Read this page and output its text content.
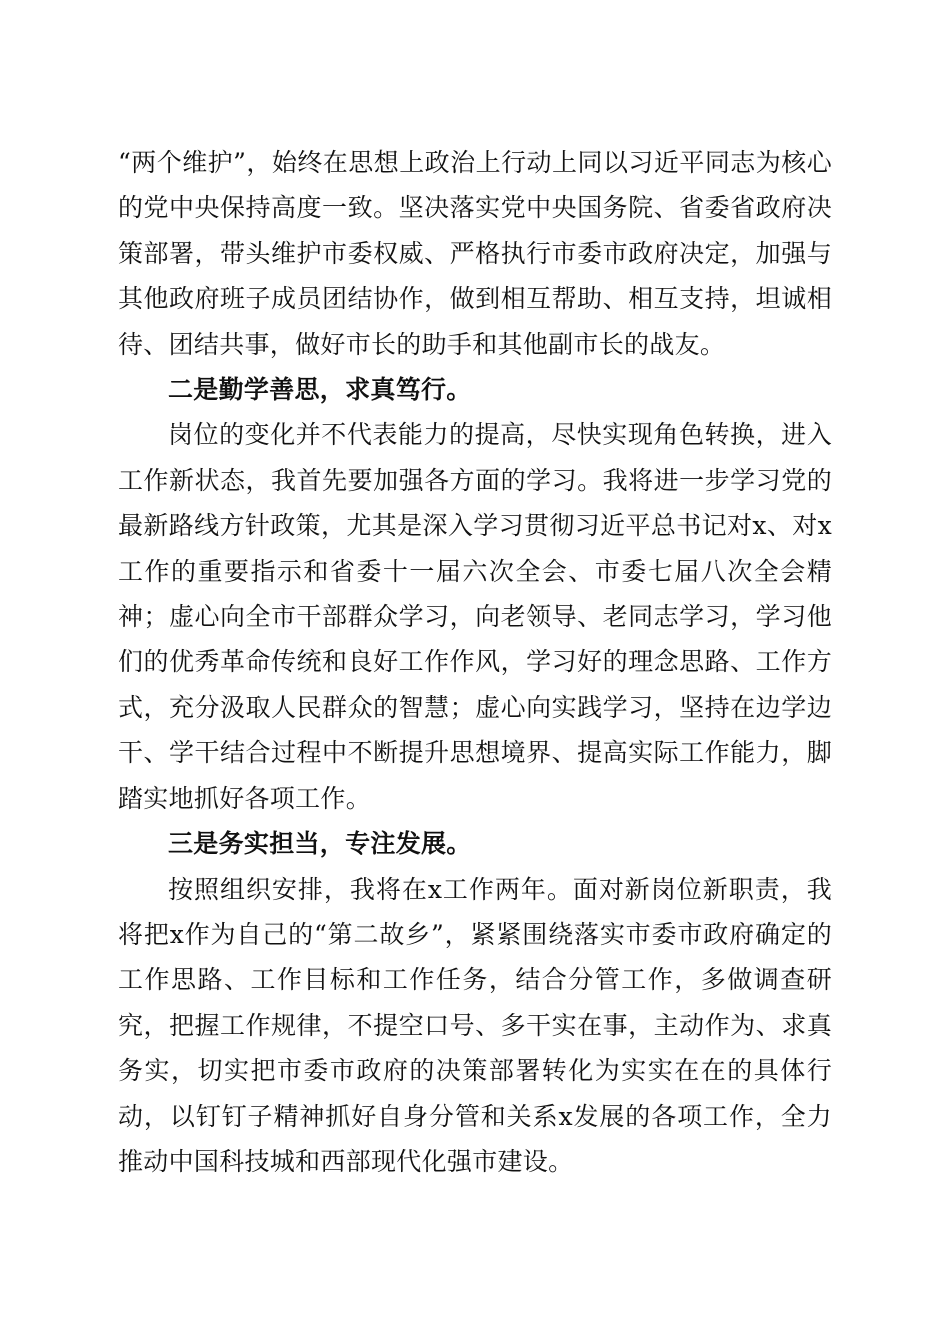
“两个维护”，始终在思想上政治上行动上同以习近平同志为核心的党中央保持高度一致。坚决落实党中央国务院、省委省政府决策部署，带头维护市委权威、严格执行市委市政府决定，加强与其他政府班子成员团结协作，做到相互帮助、相互支持，坦诚相待、团结共事，做好市长的助手和其他副市长的战友。

二是勤学善思，求真笃行。

岗位的变化并不代表能力的提高，尽快实现角色转换，进入工作新状态，我首先要加强各方面的学习。我将进一步学习党的最新路线方针政策，尤其是深入学习贯彻习近平总书记对x、对x工作的重要指示和省委十一届六次全会、市委七届八次全会精神；虚心向全市干部群众学习，向老领导、老同志学习，学习他们的优秀革命传统和良好工作作风，学习好的理念思路、工作方式，充分汲取人民群众的智慧；虚心向实践学习，坚持在边学边干、学干结合过程中不断提升思想境界、提高实际工作能力，脚踏实地抓好各项工作。

三是务实担当，专注发展。

按照组织安排，我将在x工作两年。面对新岗位新职责，我将把x作为自己的“第二故乡”，紧紧围绕落实市委市政府确定的工作思路、工作目标和工作任务，结合分管工作，多做调查研究，把握工作规律，不提空口号、多干实在事，主动作为、求真务实，切实把市委市政府的决策部署转化为实实在在的具体行动，以钉钉子精神抓好自身分管和关系x发展的各项工作，全力推动中国科技城和西部现代化强市建设。
